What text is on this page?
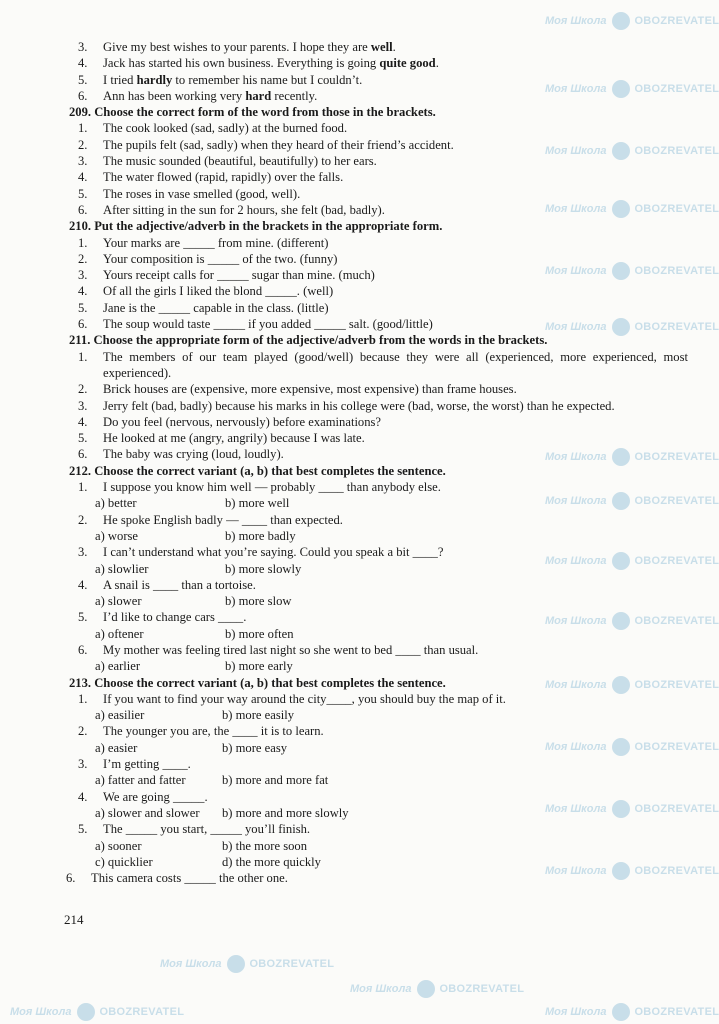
Моя Школа	OBOZREVATEL
Моя Школа	OBOZREVATEL
Моя Школа	OBOZREVATEL
Моя Школа	OBOZREVATEL
Моя Школа	OBOZREVATEL
Моя Школа	OBOZREVATEL
Моя Школа	OBOZREVATEL
Моя Школа	OBOZREVATEL
Моя Школа	OBOZREVATEL
Моя Школа	OBOZREVATEL
Моя Школа	OBOZREVATEL
Моя Школа	OBOZREVATEL
Моя Школа	OBOZREVATEL
Моя Школа	OBOZREVATEL
Моя Школа	OBOZREVATEL
Моя Школа	OBOZREVATEL
Моя Школа	OBOZREVATEL
Моя Школа	OBOZREVATEL
3. Give my best wishes to your parents. I hope they are well.
4. Jack has started his own business. Everything is going quite good.
5. I tried hardly to remember his name but I couldn’t.
6. Ann has been working very hard recently.
209. Choose the correct form of the word from those in the brackets.
1. The cook looked (sad, sadly) at the burned food.
2. The pupils felt (sad, sadly) when they heard of their friend’s accident.
3. The music sounded (beautiful, beautifully) to her ears.
4. The water flowed (rapid, rapidly) over the falls.
5. The roses in vase smelled (good, well).
6. After sitting in the sun for 2 hours, she felt (bad, badly).
210. Put the adjective/adverb in the brackets in the appropriate form.
1. Your marks are _____ from mine. (different)
2. Your composition is _____ of the two. (funny)
3. Yours receipt calls for _____ sugar than mine. (much)
4. Of all the girls I liked the blond _____. (well)
5. Jane is the _____ capable in the class. (little)
6. The soup would taste _____ if you added _____ salt. (good/little)
211. Choose the appropriate form of the adjective/adverb from the words in the brackets.
1. The members of our team played (good/well) because they were all (experienced, more experienced, most experienced).
2. Brick houses are (expensive, more expensive, most expensive) than frame houses.
3. Jerry felt (bad, badly) because his marks in his college were (bad, worse, the worst) than he expected.
4. Do you feel (nervous, nervously) before examinations?
5. He looked at me (angry, angrily) because I was late.
6. The baby was crying (loud, loudly).
212. Choose the correct variant (a, b) that best completes the sentence.
1. I suppose you know him well — probably ____ than anybody else.
a) better	b) more well
2. He spoke English badly — ____ than expected.
a) worse	b) more badly
3. I can’t understand what you’re saying. Could you speak a bit ____?
a) slowlier	b) more slowly
4. A snail is ____ than a tortoise.
a) slower	b) more slow
5. I’d like to change cars ____.
a) oftener	b) more often
6. My mother was feeling tired last night so she went to bed ____ than usual.
a) earlier	b) more early
213. Choose the correct variant (a, b) that best completes the sentence.
1. If you want to find your way around the city____, you should buy the map of it.
a) easilier	b) more easily
2. The younger you are, the ____ it is to learn.
a) easier	b) more easy
3. I’m getting ____.
a) fatter and fatter	b) more and more fat
4. We are going _____.
a) slower and slower b) more and more slowly
5. The _____ you start, _____ you’ll finish.
a) sooner	b) the more soon
c) quicklier	d) the more quickly
6. This camera costs _____ the other one.
214
